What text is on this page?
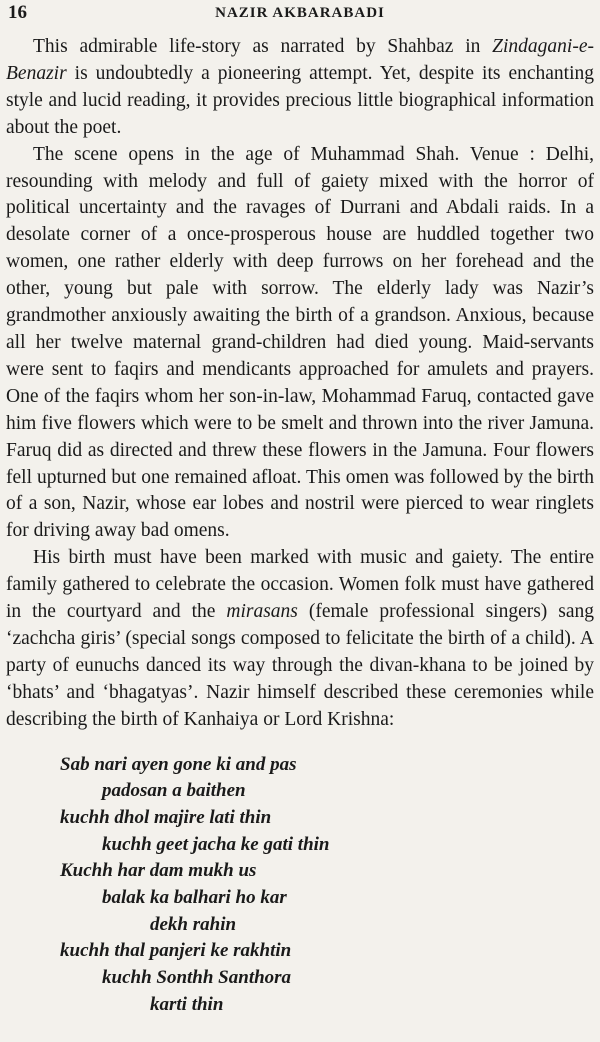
16	NAZIR AKBARABADI

This admirable life-story as narrated by Shahbaz in Zindagani-e-Benazir is undoubtedly a pioneering attempt. Yet, despite its enchanting style and lucid reading, it provides precious little biographical information about the poet.

The scene opens in the age of Muhammad Shah. Venue : Delhi, resounding with melody and full of gaiety mixed with the horror of political uncertainty and the ravages of Durrani and Abdali raids. In a desolate corner of a once-prosperous house are huddled together two women, one rather elderly with deep furrows on her forehead and the other, young but pale with sorrow. The elderly lady was Nazir’s grandmother anxiously awaiting the birth of a grandson. Anxious, because all her twelve maternal grand-children had died young. Maid-servants were sent to faqirs and mendicants approached for amulets and prayers. One of the faqirs whom her son-in-law, Mohammad Faruq, contacted gave him five flowers which were to be smelt and thrown into the river Jamuna. Faruq did as directed and threw these flowers in the Jamuna. Four flowers fell upturned but one remained afloat. This omen was followed by the birth of a son, Nazir, whose ear lobes and nostril were pierced to wear ringlets for driving away bad omens.

His birth must have been marked with music and gaiety. The entire family gathered to celebrate the occasion. Women folk must have gathered in the courtyard and the mirasans (female professional singers) sang ‘zachcha giris’ (special songs composed to felicitate the birth of a child). A party of eunuchs danced its way through the divan-khana to be joined by ‘bhats’ and ‘bhagatyas’. Nazir himself described these ceremonies while describing the birth of Kanhaiya or Lord Krishna:

Sab nari ayen gone ki and pas
padosan a baithen
kuchh dhol majire lati thin
kuchh geet jacha ke gati thin
Kuchh har dam mukh us
balak ka balhari ho kar
dekh rahin
kuchh thal panjeri ke rakhtin
kuchh Sonthh Santhora
karti thin
